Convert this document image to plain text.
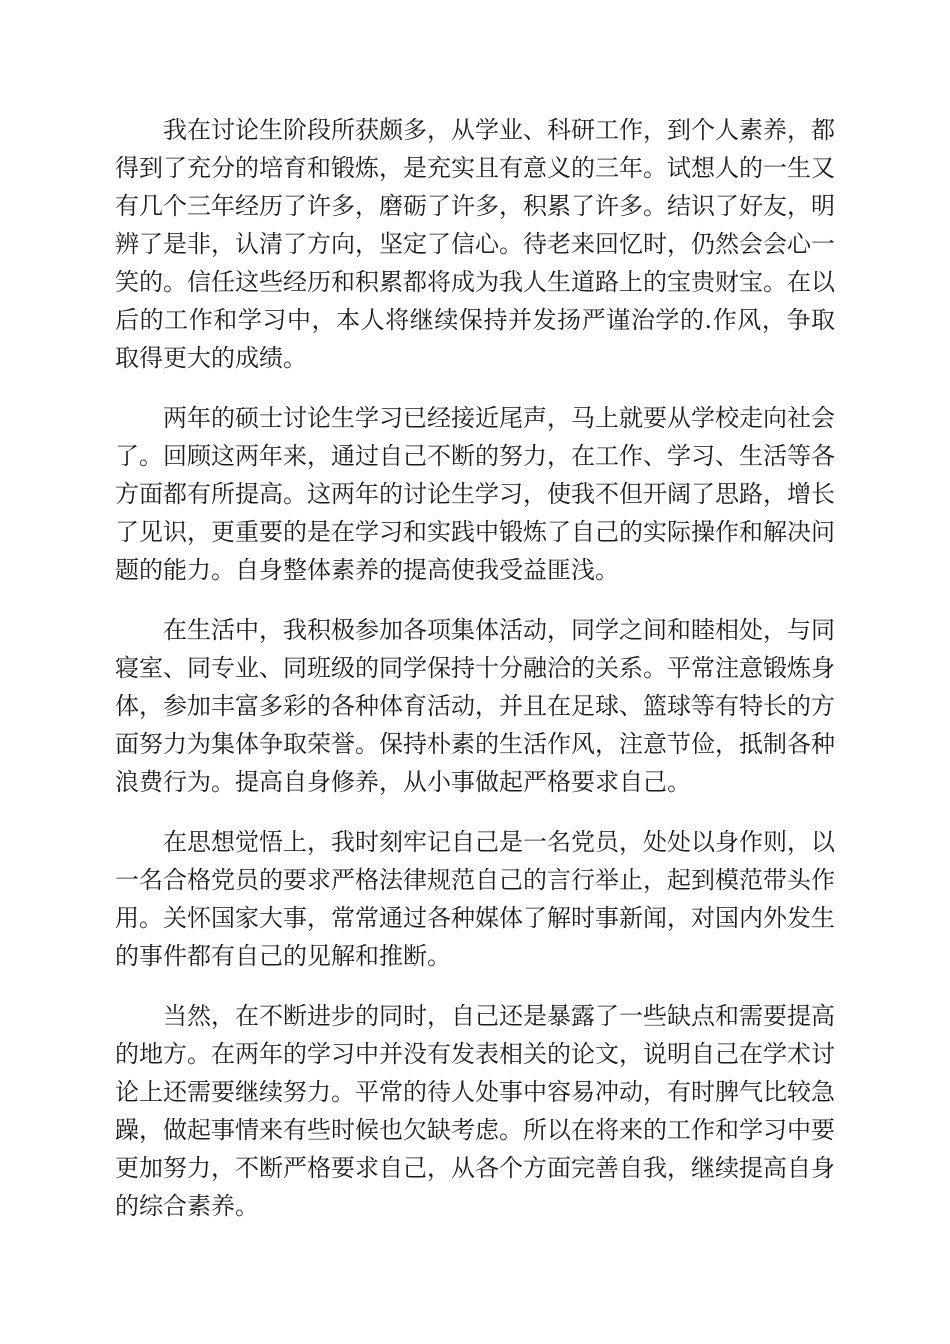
我在讨论生阶段所获颇多，从学业、科研工作，到个人素养，都得到了充分的培育和锻炼，是充实且有意义的三年。试想人的一生又有几个三年经历了许多，磨砺了许多，积累了许多。结识了好友，明辨了是非，认清了方向，坚定了信心。待老来回忆时，仍然会会心一笑的。信任这些经历和积累都将成为我人生道路上的宝贵财宝。在以后的工作和学习中，本人将继续保持并发扬严谨治学的.作风，争取取得更大的成绩。

两年的硕士讨论生学习已经接近尾声，马上就要从学校走向社会了。回顾这两年来，通过自己不断的努力，在工作、学习、生活等各方面都有所提高。这两年的讨论生学习，使我不但开阔了思路，增长了见识，更重要的是在学习和实践中锻炼了自己的实际操作和解决问题的能力。自身整体素养的提高使我受益匪浅。

在生活中，我积极参加各项集体活动，同学之间和睦相处，与同寝室、同专业、同班级的同学保持十分融洽的关系。平常注意锻炼身体，参加丰富多彩的各种体育活动，并且在足球、篮球等有特长的方面努力为集体争取荣誉。保持朴素的生活作风，注意节俭，抵制各种浪费行为。提高自身修养，从小事做起严格要求自己。

在思想觉悟上，我时刻牢记自己是一名党员，处处以身作则，以一名合格党员的要求严格法律规范自己的言行举止，起到模范带头作用。关怀国家大事，常常通过各种媒体了解时事新闻，对国内外发生的事件都有自己的见解和推断。

当然，在不断进步的同时，自己还是暴露了一些缺点和需要提高的地方。在两年的学习中并没有发表相关的论文，说明自己在学术讨论上还需要继续努力。平常的待人处事中容易冲动，有时脾气比较急躁，做起事情来有些时候也欠缺考虑。所以在将来的工作和学习中要更加努力，不断严格要求自己，从各个方面完善自我，继续提高自身的综合素养。
